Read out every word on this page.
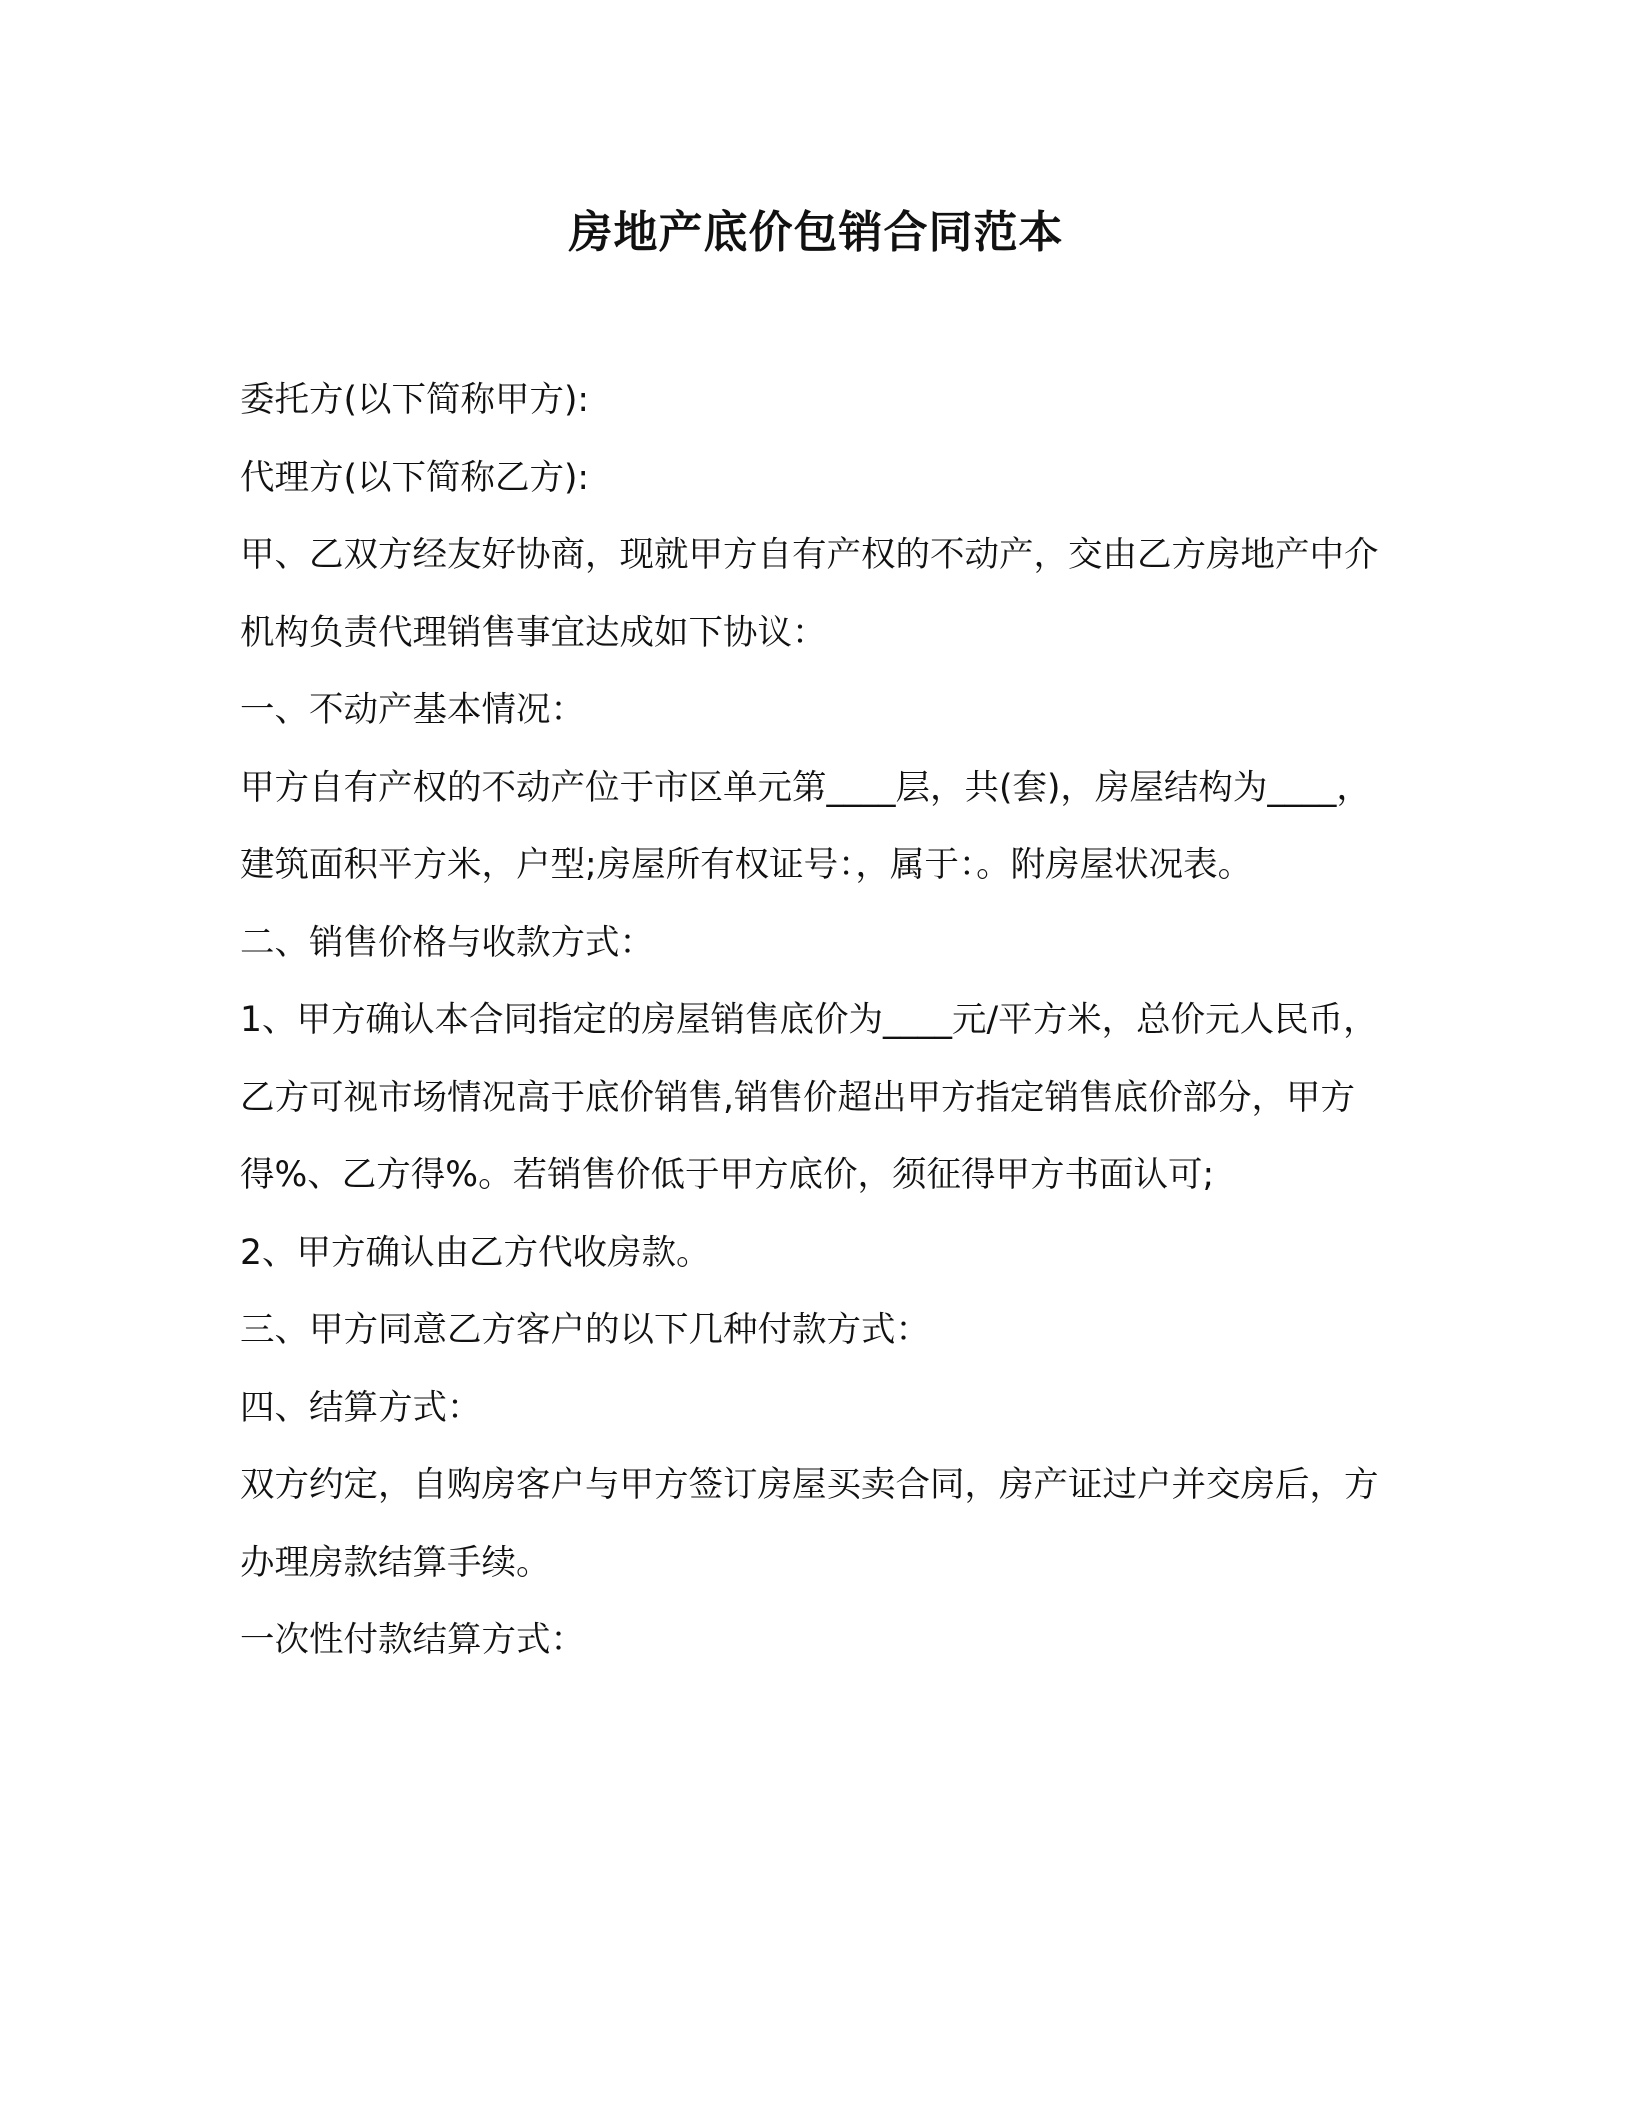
房地产底价包销合同范本

委托方(以下简称甲方):

代理方(以下简称乙方):

甲、乙双方经友好协商，现就甲方自有产权的不动产，交由乙方房地产中介机构负责代理销售事宜达成如下协议：

一、不动产基本情况：

甲方自有产权的不动产位于市区单元第____层，共(套)，房屋结构为____，建筑面积平方米，户型;房屋所有权证号：，属于：。附房屋状况表。

二、销售价格与收款方式：

1、甲方确认本合同指定的房屋销售底价为____元/平方米，总价元人民币，乙方可视市场情况高于底价销售,销售价超出甲方指定销售底价部分，甲方得%、乙方得%。若销售价低于甲方底价，须征得甲方书面认可;

2、甲方确认由乙方代收房款。

三、甲方同意乙方客户的以下几种付款方式：

四、结算方式：

双方约定，自购房客户与甲方签订房屋买卖合同，房产证过户并交房后，方办理房款结算手续。

一次性付款结算方式：
